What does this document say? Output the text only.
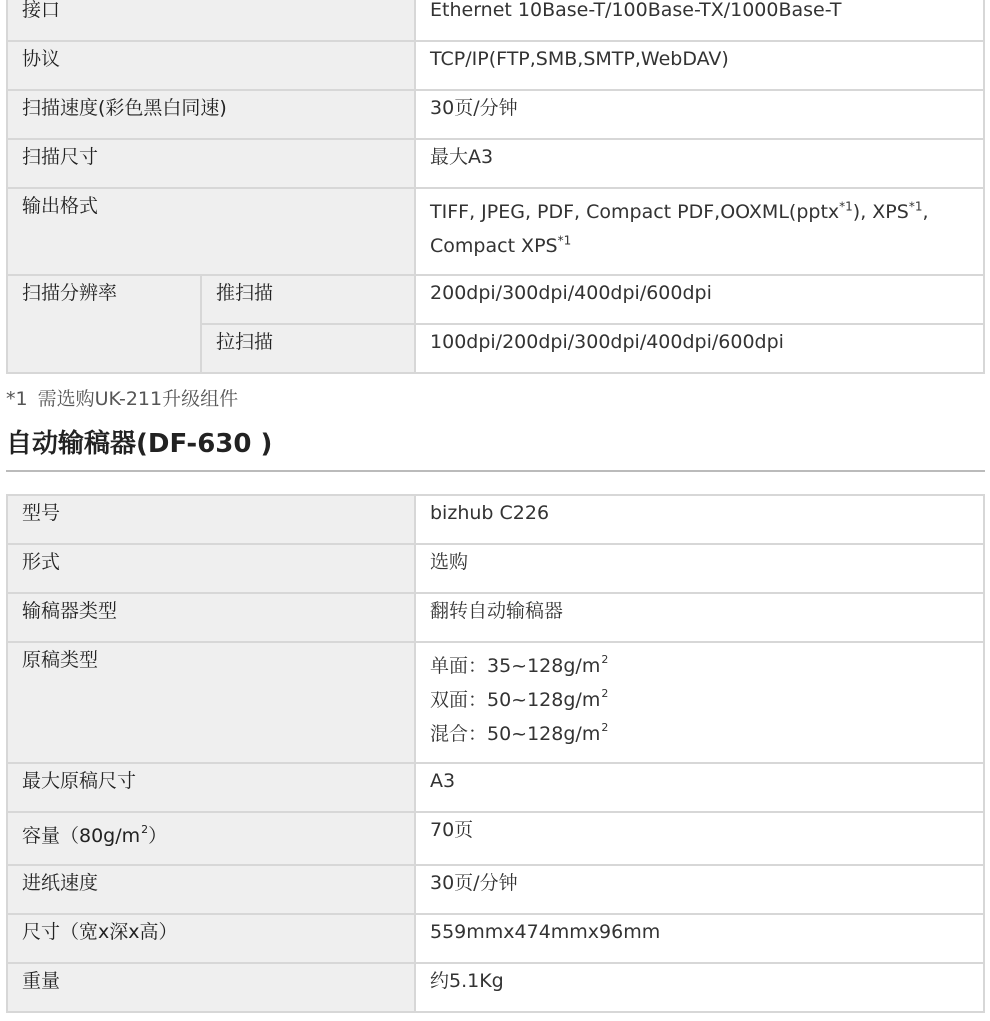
接口		Ethernet 10Base-T/100Base-TX/1000Base-T
协议		TCP/IP(FTP,SMB,SMTP,WebDAV)
扫描速度(彩色黑白同速)		30页/分钟
扫描尺寸		最大A3
输出格式		TIFF, JPEG, PDF, Compact PDF,OOXML(pptx$^{*1}$), XPS$^{*1}$,
Compact XPS$^{*1}$
扫描分辨率	推扫描	200dpi/300dpi/400dpi/600dpi
	拉扫描	100dpi/200dpi/300dpi/400dpi/600dpi
*1 需选购UK-211升级组件
自动输稿器(DF-630 )
型号	bizhub C226
形式	选购
输稿器类型	翻转自动输稿器
原稿类型	单面：$35\sim 128g/m^2$
双面：$50\sim 128g/m^2$
混合：$50\sim 128g/m^2$
最大原稿尺寸	A3
容量$(80g/m^2)$	70页
进纸速度	30页/分钟
尺寸（宽x深x高）	559mmx474mmx96mm
重量	约5.1Kg
